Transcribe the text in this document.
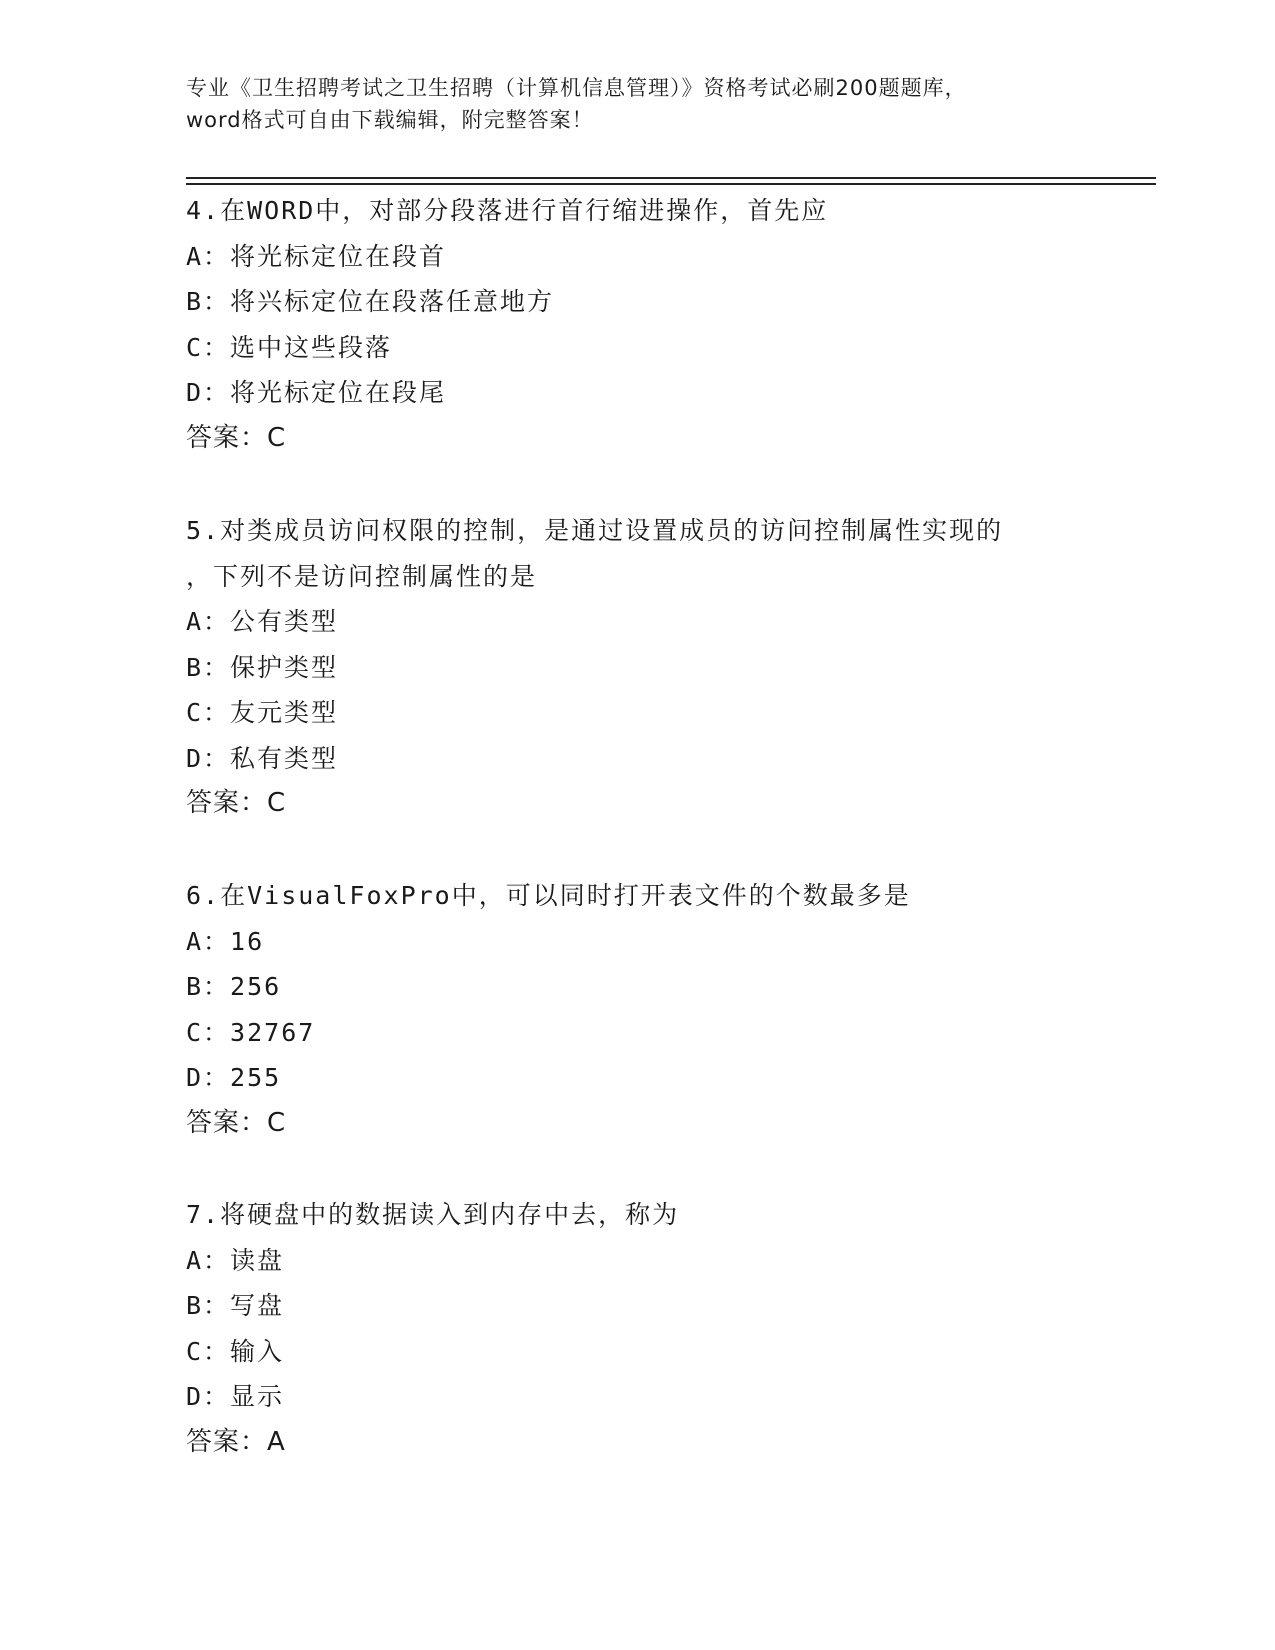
专业《卫生招聘考试之卫生招聘（计算机信息管理）》资格考试必刷200题题库，
word格式可自由下载编辑，附完整答案！
4.在WORD中，对部分段落进行首行缩进操作，首先应
A：将光标定位在段首
B：将兴标定位在段落任意地方
C：选中这些段落
D：将光标定位在段尾
答案：C
5.对类成员访问权限的控制，是通过设置成员的访问控制属性实现的
，下列不是访问控制属性的是
A：公有类型
B：保护类型
C：友元类型
D：私有类型
答案：C
6.在VisualFoxPro中，可以同时打开表文件的个数最多是
A：16
B：256
C：32767
D：255
答案：C
7.将硬盘中的数据读入到内存中去，称为
A：读盘
B：写盘
C：输入
D：显示
答案：A
